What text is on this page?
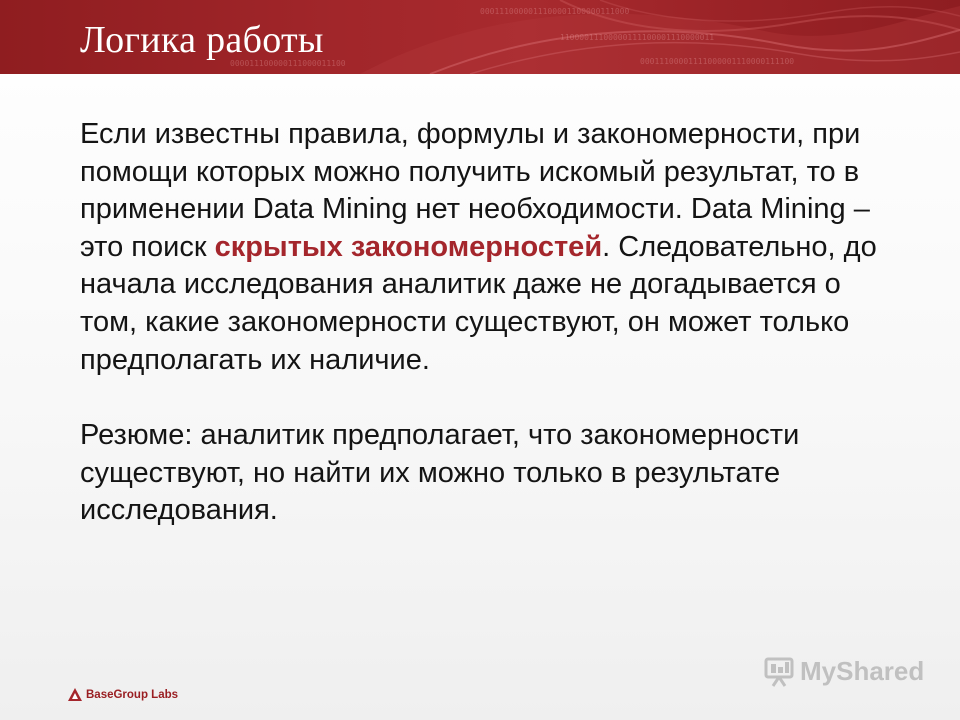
0001110000011100001100000111000
11000011100000111100001110000011
00011100001111000001110000111100
000011100000111000011100
Логика работы

Если известны правила, формулы и закономерности, при помощи которых можно получить искомый результат, то в применении Data Mining нет необходимости. Data Mining – это поиск скрытых закономерностей. Следовательно, до начала исследования аналитик даже не догадывается о том, какие закономерности существуют, он может только предполагать их наличие.

Резюме: аналитик предполагает, что закономерности существуют, но найти их можно только в результате исследования.

BaseGroup Labs
MyShared
